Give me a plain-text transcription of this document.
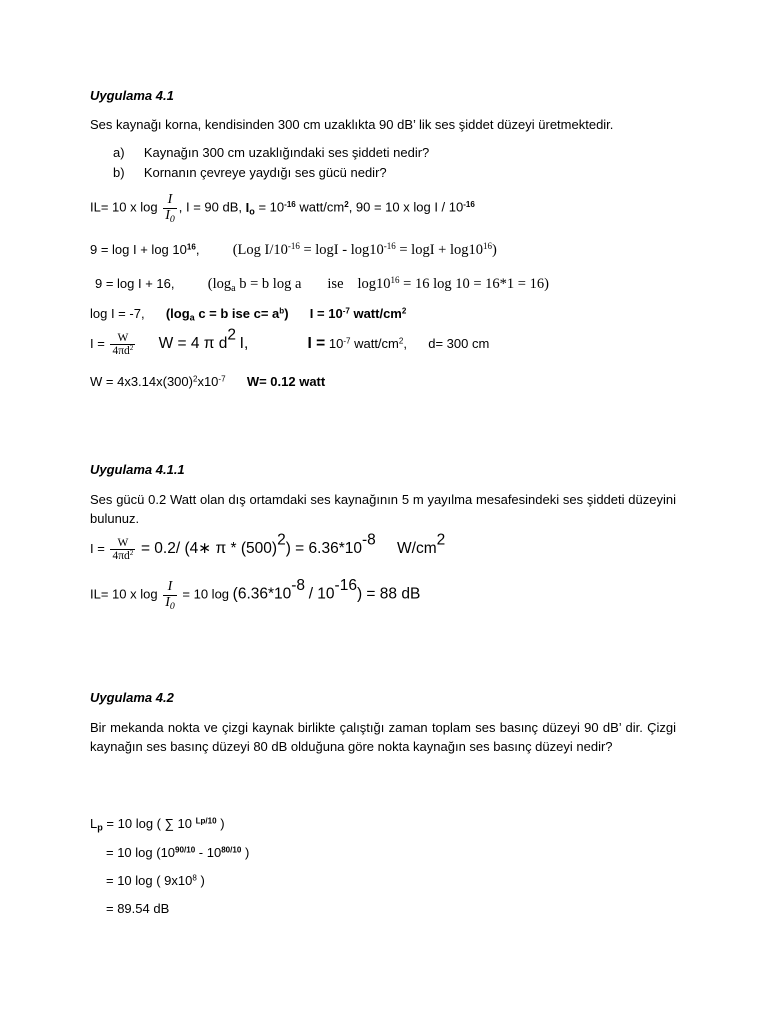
Uygulama 4.1
Ses kaynağı korna, kendisinden 300 cm uzaklıkta 90 dB’ lik ses şiddet düzeyi üretmektedir.
a) Kaynağın 300 cm uzaklığındaki ses şiddeti nedir?
b) Kornanın çevreye yaydığı ses gücü nedir?
IL= 10 x $\log \frac{I}{I_0}$ , I = 90 dB, $I_o = 10^{-16}$ watt/$cm^2$, 90 = 10 x log I / $10^{-16}$
$9 = \log I + \log 10^{16}$, (Log $I/10^{-16} = \log I - \log 10^{-16} = \log I + \log 10^{16}$)
9 = log I + 16, ($\log_a$ b = b log a ise $\log 10^{16} = 16$ log 10 = 16*1 = 16)
log I = -7, ($\log_a$ c = b ise $c= a^b$) $I = 10^{-7}$ watt/$cm^2$
$I = \frac{W}{4\pi d^2}$ W = 4 π $d^2$ I,	$I = 10^{-7}$ watt/$cm^2$, d= 300 cm
$W = 4x3.14x(300)^2x10^{-7}$ W= 0.12 watt
Uygulama 4.1.1
Ses gücü 0.2 Watt olan dış ortamdaki ses kaynağının 5 m yayılma mesafesindeki ses şiddeti düzeyini bulunuz.
$I = \frac{W}{4\pi d^2} = 0.2/$ (4∗ $\pi * (500)^2) = 6.36*10^{-8}$  $W/cm^2$
IL= 10 x $\log \frac{I}{I_0} = 10$ $\log (6.36*10^{-8} / 10^{-16}) = 88$ dB
Uygulama 4.2
Bir mekanda nokta ve çizgi kaynak birlikte çalıştığı zaman toplam ses basınç düzeyi 90 dB’ dir. Çizgi kaynağın ses basınç düzeyi 80 dB olduğuna göre nokta kaynağın ses basınç düzeyi nedir?
$L_p = 10$ log ( ∑ 10 $^{Lp/10}$ )
= 10 $\log (10^{90/10} - 10^{80/10}$ )
= 10 log ( $9x10^8$ )
= 89.54 dB
